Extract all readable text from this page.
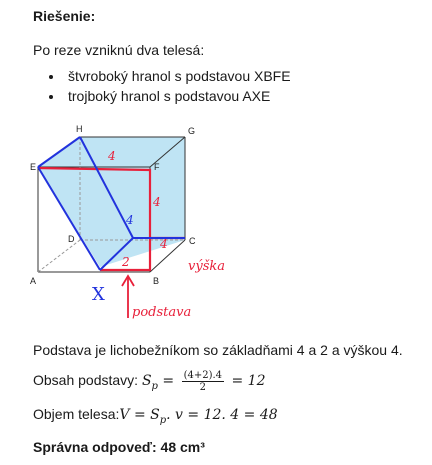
Riešenie:
Po reze vzniknú dva telesá:
• štvroboký hranol s podstavou XBFE
• trojboký hranol s podstavou AXE
A	B
C
D
E	F
G
H
4
4
4
2
4
výška
podstava
X
Podstava je lichobežníkom so základňami 4 a 2 a výškou 4.
Obsah podstavy: $S_p = \frac{(4+2).4}{2} = 12$
Objem telesa:V = $S_p$. v = 12. 4 = 48
Správna odpoveď: 48 cm³
